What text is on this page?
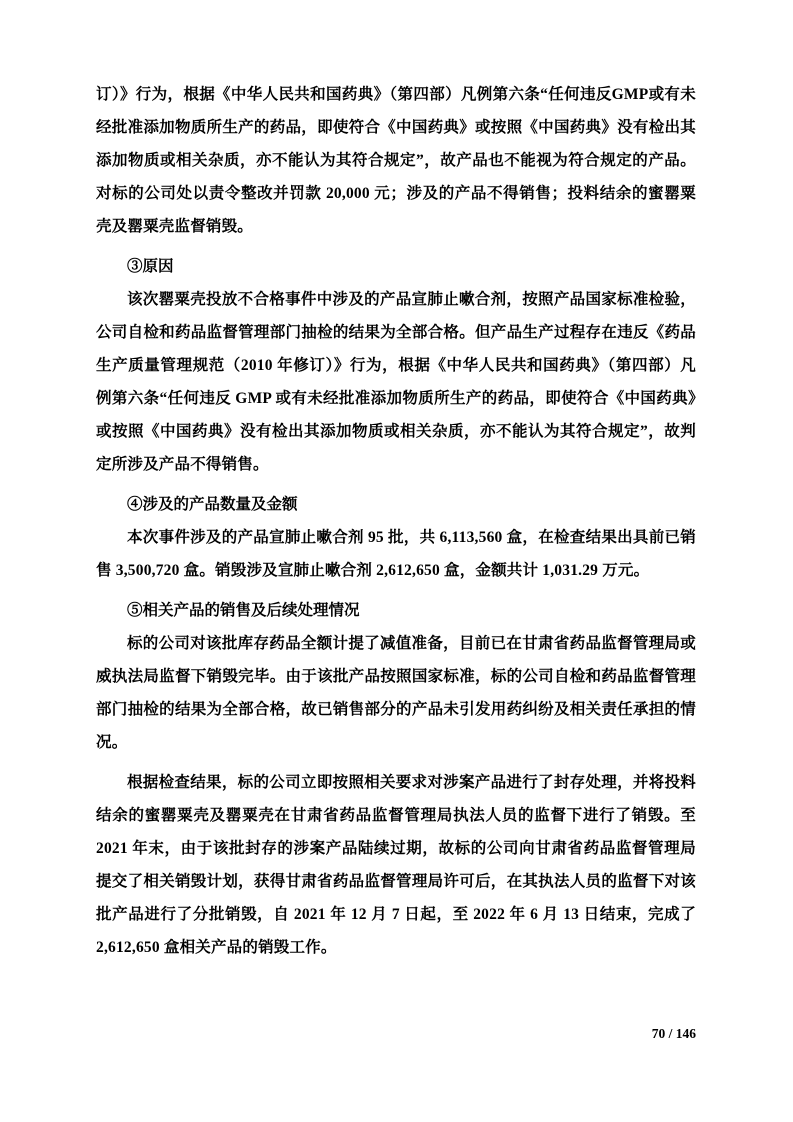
订）》行为，根据《中华人民共和国药典》（第四部）凡例第六条“任何违反GMP或有未经批准添加物质所生产的药品，即使符合《中国药典》或按照《中国药典》没有检出其添加物质或相关杂质，亦不能认为其符合规定”，故产品也不能视为符合规定的产品。对标的公司处以责令整改并罚款 20,000 元；涉及的产品不得销售；投料结余的蜜罂粟壳及罂粟壳监督销毁。

③原因

该次罂粟壳投放不合格事件中涉及的产品宣肺止嗽合剂，按照产品国家标准检验，公司自检和药品监督管理部门抽检的结果为全部合格。但产品生产过程存在违反《药品生产质量管理规范（2010 年修订）》行为，根据《中华人民共和国药典》（第四部）凡例第六条“任何违反 GMP 或有未经批准添加物质所生产的药品，即使符合《中国药典》或按照《中国药典》没有检出其添加物质或相关杂质，亦不能认为其符合规定”，故判定所涉及产品不得销售。

④涉及的产品数量及金额

本次事件涉及的产品宣肺止嗽合剂 95 批，共 6,113,560 盒，在检查结果出具前已销售 3,500,720 盒。销毁涉及宣肺止嗽合剂 2,612,650 盒，金额共计 1,031.29 万元。

⑤相关产品的销售及后续处理情况

标的公司对该批库存药品全额计提了减值准备，目前已在甘肃省药品监督管理局或威执法局监督下销毁完毕。由于该批产品按照国家标准，标的公司自检和药品监督管理部门抽检的结果为全部合格，故已销售部分的产品未引发用药纠纷及相关责任承担的情况。

根据检查结果，标的公司立即按照相关要求对涉案产品进行了封存处理，并将投料结余的蜜罂粟壳及罂粟壳在甘肃省药品监督管理局执法人员的监督下进行了销毁。至 2021 年末，由于该批封存的涉案产品陆续过期，故标的公司向甘肃省药品监督管理局提交了相关销毁计划，获得甘肃省药品监督管理局许可后，在其执法人员的监督下对该批产品进行了分批销毁，自 2021 年 12 月 7 日起，至 2022 年 6 月 13 日结束，完成了 2,612,650 盒相关产品的销毁工作。

70 / 146
